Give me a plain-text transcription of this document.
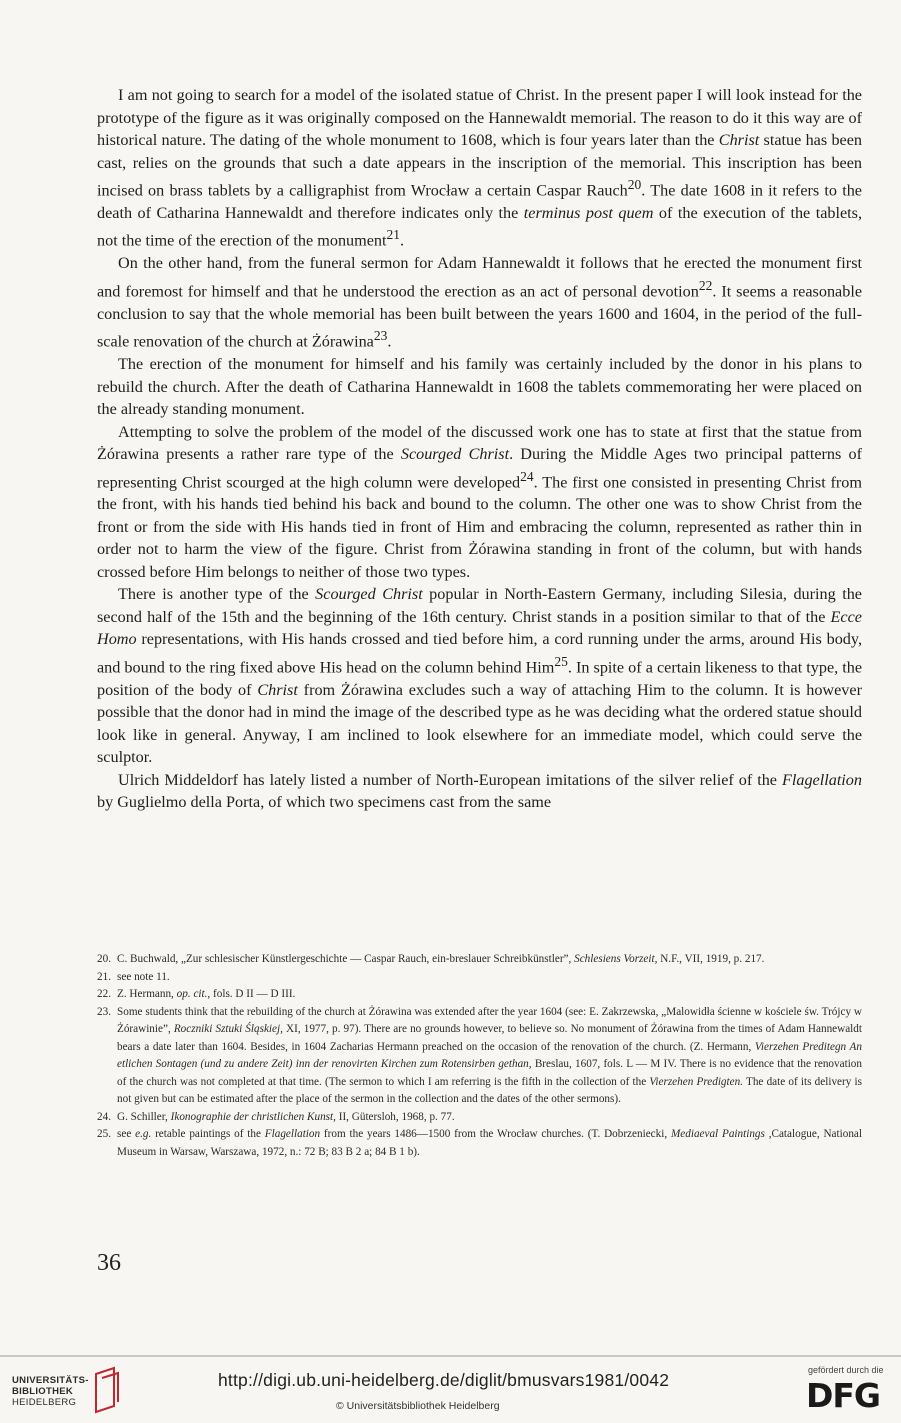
I am not going to search for a model of the isolated statue of Christ. In the present paper I will look instead for the prototype of the figure as it was originally composed on the Hannewaldt memorial. The reason to do it this way are of historical nature. The dating of the whole monument to 1608, which is four years later than the Christ statue has been cast, relies on the grounds that such a date appears in the inscription of the memorial. This inscription has been incised on brass tablets by a calligraphist from Wrocław a certain Caspar Rauch$^{20}$. The date 1608 in it refers to the death of Catharina Hannewaldt and therefore indicates only the terminus post quem of the execution of the tablets, not the time of the erection of the monument$^{21}$.

On the other hand, from the funeral sermon for Adam Hannewaldt it follows that he erected the monument first and foremost for himself and that he understood the erection as an act of personal devotion$^{22}$. It seems a reasonable conclusion to say that the whole memorial has been built between the years 1600 and 1604, in the period of the full-scale renovation of the church at Żórawina$^{23}$.

The erection of the monument for himself and his family was certainly included by the donor in his plans to rebuild the church. After the death of Catharina Hannewaldt in 1608 the tablets commemorating her were placed on the already standing monument.

Attempting to solve the problem of the model of the discussed work one has to state at first that the statue from Żórawina presents a rather rare type of the Scourged Christ. During the Middle Ages two principal patterns of representing Christ scourged at the high column were developed$^{24}$. The first one consisted in presenting Christ from the front, with his hands tied behind his back and bound to the column. The other one was to show Christ from the front or from the side with His hands tied in front of Him and embracing the column, represented as rather thin in order not to harm the view of the figure. Christ from Żórawina standing in front of the column, but with hands crossed before Him belongs to neither of those two types.

There is another type of the Scourged Christ popular in North-Eastern Germany, including Silesia, during the second half of the 15th and the beginning of the 16th century. Christ stands in a position similar to that of the Ecce Homo representations, with His hands crossed and tied before him, a cord running under the arms, around His body, and bound to the ring fixed above His head on the column behind Him$^{25}$. In spite of a certain likeness to that type, the position of the body of Christ from Żórawina excludes such a way of attaching Him to the column. It is however possible that the donor had in mind the image of the described type as he was deciding what the ordered statue should look like in general. Anyway, I am inclined to look elsewhere for an immediate model, which could serve the sculptor.

Ulrich Middeldorf has lately listed a number of North-European imitations of the silver relief of the Flagellation by Guglielmo della Porta, of which two specimens cast from the same

20. C. Buchwald, „Zur schlesischer Künstlergeschichte — Caspar Rauch, ein-breslauer Schreibkünstler”, Schlesiens Vorzeit, N.F., VII, 1919, p. 217.
21. see note 11.
22. Z. Hermann, op. cit., fols. D II — D III.
23. Some students think that the rebuilding of the church at Żórawina was extended after the year 1604 (see: E. Zakrzewska, „Malowidła ścienne w kościele św. Trójcy w Żórawinie”, Roczniki Sztuki Śląskiej, XI, 1977, p. 97). There are no grounds however, to believe so. No monument of Żórawina from the times of Adam Hannewaldt bears a date later than 1604. Besides, in 1604 Zacharias Hermann preached on the occasion of the renovation of the church. (Z. Hermann, Vierzehen Preditegn An etlichen Sontagen (und zu andere Zeit) inn der renovirten Kirchen zum Rotensirben gethan, Breslau, 1607, fols. L — M IV. There is no evidence that the renovation of the church was not completed at that time. (The sermon to which I am referring is the fifth in the collection of the Vierzehen Predigten. The date of its delivery is not given but can be estimated after the place of the sermon in the collection and the dates of the other sermons).
24. G. Schiller, Ikonographie der christlichen Kunst, II, Gütersloh, 1968, p. 77.
25. see e.g. retable paintings of the Flagellation from the years 1486—1500 from the Wrocław churches. (T. Dobrzeniecki, Mediaeval Paintings ,Catalogue, National Museum in Warsaw, Warszawa, 1972, n.: 72 B; 83 B 2 a; 84 B 1 b).
36
UNIVERSITÄTS-
BIBLIOTHEK
HEIDELBERG
http://digi.ub.uni-heidelberg.de/diglit/bmusvars1981/0042
© Universitätsbibliothek Heidelberg
gefördert durch die
DFG
